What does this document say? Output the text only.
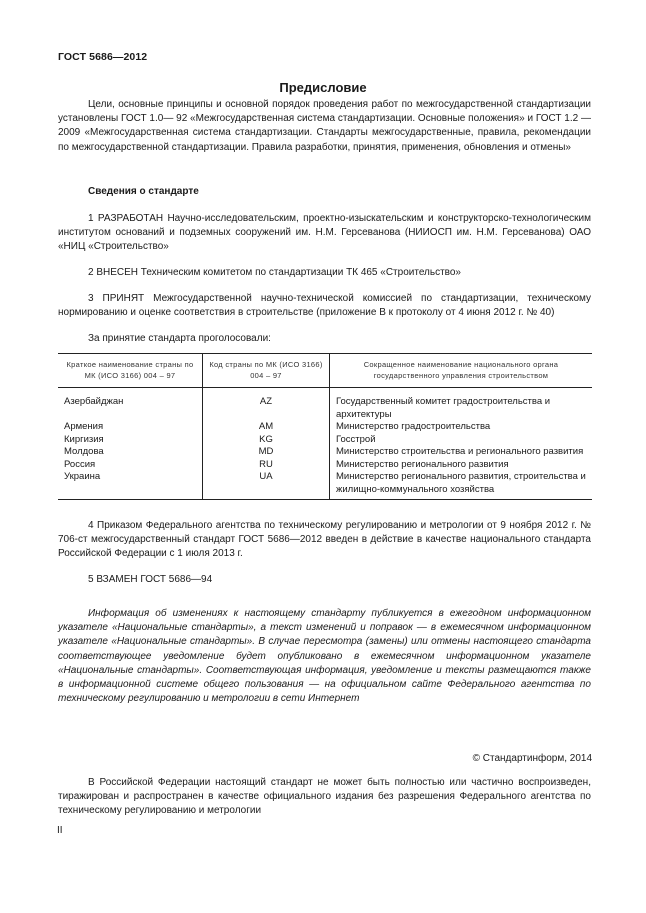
ГОСТ 5686—2012
Предисловие
Цели, основные принципы и основной порядок проведения работ по межгосударственной стандартизации установлены ГОСТ 1.0— 92 «Межгосударственная система стандартизации. Основные положения» и ГОСТ 1.2 — 2009 «Межгосударственная система стандартизации. Стандарты межгосударственные, правила, рекомендации по межгосударственной стандартизации. Правила разработки, принятия, применения, обновления и отмены»
Сведения о стандарте
1 РАЗРАБОТАН Научно-исследовательским, проектно-изыскательским и конструкторско-технологическим институтом оснований и подземных сооружений им. Н.М. Герсеванова (НИИОСП им. Н.М. Герсеванова) ОАО «НИЦ «Строительство»
2 ВНЕСЕН Техническим комитетом по стандартизации ТК 465 «Строительство»
3 ПРИНЯТ Межгосударственной научно-технической комиссией по стандартизации, техническому нормированию и оценке соответствия в строительстве (приложение В к протоколу от 4 июня 2012 г. № 40)
За принятие стандарта проголосовали:
Краткое наименование страны по МК (ИСО 3166) 004 – 97	Код страны по МК (ИСО 3166) 004 – 97	Сокращенное наименование национального органа государственного управления строительством
Азербайджан	AZ	Государственный комитет градостроительства и архитектуры
Армения	AM	Министерство градостроительства
Киргизия	KG	Госстрой
Молдова	MD	Министерство строительства и регионального развития
Россия	RU	Министерство регионального развития
Украина	UA	Министерство регионального развития, строительства и жилищно-коммунального хозяйства
4 Приказом Федерального агентства по техническому регулированию и метрологии от 9 ноября 2012 г. № 706-ст межгосударственный стандарт ГОСТ 5686—2012 введен в действие в качестве национального стандарта Российской Федерации с 1 июля 2013 г.
5 ВЗАМЕН ГОСТ 5686—94
Информация об изменениях к настоящему стандарту публикуется в ежегодном информационном указателе «Национальные стандарты», а текст изменений и поправок — в ежемесячном информационном указателе «Национальные стандарты». В случае пересмотра (замены) или отмены настоящего стандарта соответствующее уведомление будет опубликовано в ежемесячном информационном указателе «Национальные стандарты». Соответствующая информация, уведомление и тексты размещаются также в информационной системе общего пользования — на официальном сайте Федерального агентства по техническому регулированию и метрологии в сети Интернет
© Стандартинформ, 2014
В Российской Федерации настоящий стандарт не может быть полностью или частично воспроизведен, тиражирован и распространен в качестве официального издания без разрешения Федерального агентства по техническому регулированию и метрологии
II
